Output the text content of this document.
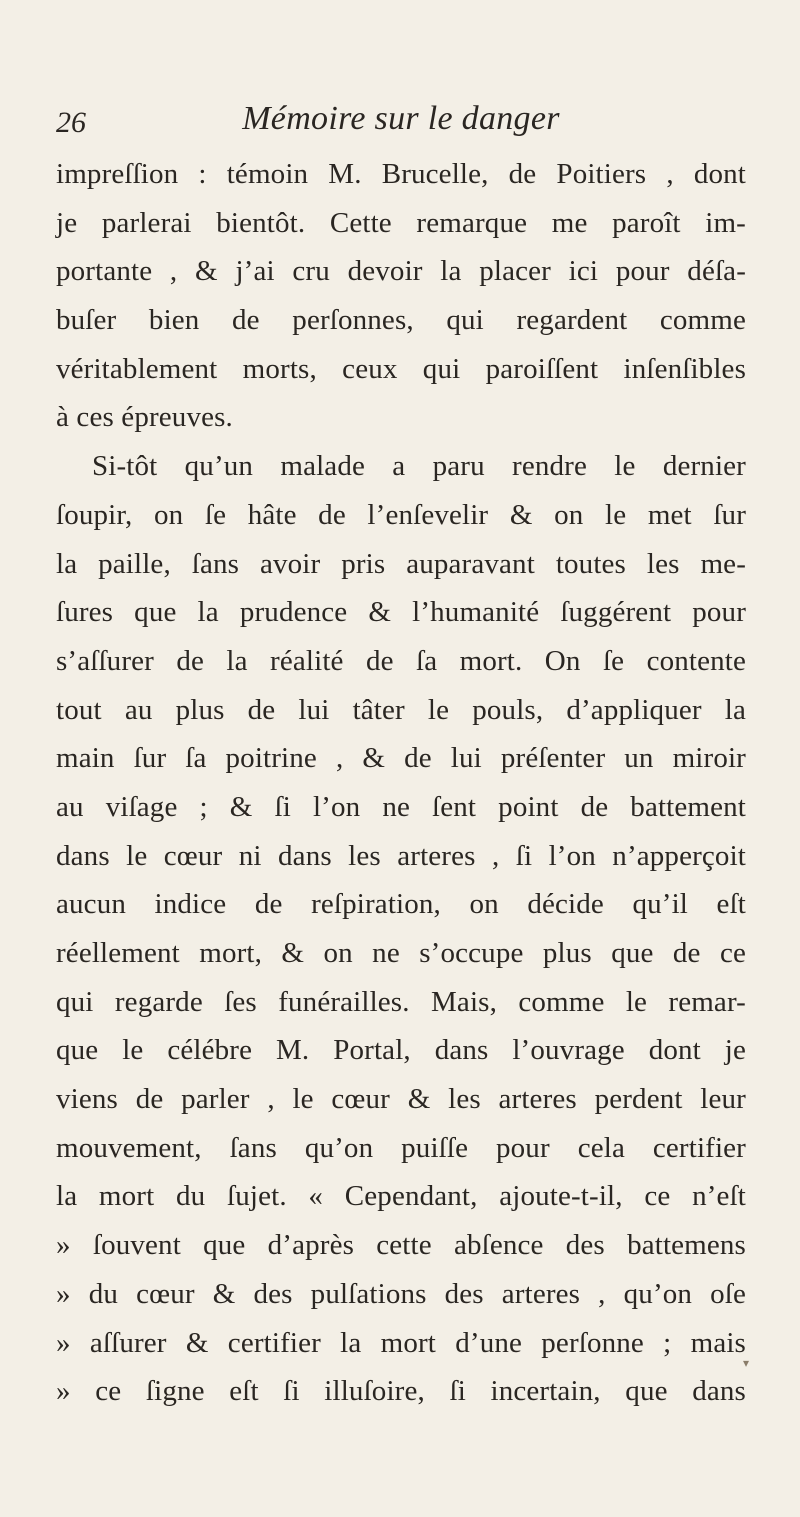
26	Mémoire sur le danger
impreſſion : témoin M. Brucelle, de Poitiers , dont
je parlerai bientôt. Cette remarque me paroît im-
portante , & j’ai cru devoir la placer ici pour déſa-
buſer bien de perſonnes, qui regardent comme
véritablement morts, ceux qui paroiſſent inſenſibles
à ces épreuves.
Si-tôt qu’un malade a paru rendre le dernier
ſoupir, on ſe hâte de l’enſevelir & on le met ſur
la paille, ſans avoir pris auparavant toutes les me-
ſures que la prudence & l’humanité ſuggérent pour
s’aſſurer de la réalité de ſa mort. On ſe contente
tout au plus de lui tâter le pouls, d’appliquer la
main ſur ſa poitrine , & de lui préſenter un miroir
au viſage ; & ſi l’on ne ſent point de battement
dans le cœur ni dans les arteres , ſi l’on n’apperçoit
aucun indice de reſpiration, on décide qu’il eſt
réellement mort, & on ne s’occupe plus que de ce
qui regarde ſes funérailles. Mais, comme le remar-
que le célébre M. Portal, dans l’ouvrage dont je
viens de parler , le cœur & les arteres perdent leur
mouvement, ſans qu’on puiſſe pour cela certifier
la mort du ſujet. « Cependant, ajoute-t-il, ce n’eſt
» ſouvent que d’après cette abſence des battemens
» du cœur & des pulſations des arteres , qu’on oſe
» aſſurer & certifier la mort d’une perſonne ; mais
» ce ſigne eſt ſi illuſoire, ſi incertain, que dans
▾
